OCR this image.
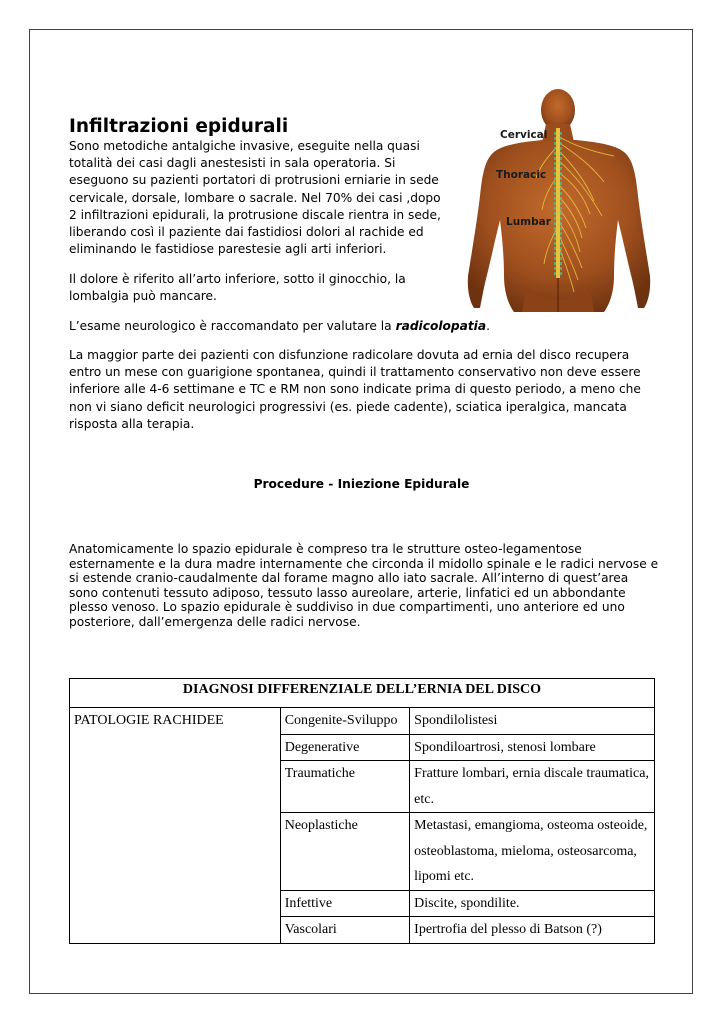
Infiltrazioni epidurali

Sono metodiche antalgiche invasive, eseguite nella quasi totalità dei casi dagli anestesisti in sala operatoria. Si eseguono su pazienti portatori di protrusioni erniarie in sede cervicale, dorsale, lombare o sacrale. Nel 70% dei casi ,dopo 2 infiltrazioni epidurali, la protrusione discale rientra in sede, liberando così il paziente dai fastidiosi dolori al rachide ed eliminando le fastidiose parestesie agli arti inferiori.

Il dolore è riferito all’arto inferiore, sotto il ginocchio, la lombalgia può mancare.

L’esame neurologico è raccomandato per valutare la radicolopatia.

La maggior parte dei pazienti con disfunzione radicolare dovuta ad ernia del disco recupera entro un mese con guarigione spontanea, quindi il trattamento conservativo non deve essere inferiore alle 4-6 settimane e TC e RM non sono indicate prima di questo periodo, a meno che non vi siano deficit neurologici progressivi (es. piede cadente), sciatica iperalgica, mancata risposta alla terapia.

Procedure - Iniezione Epidurale

Anatomicamente lo spazio epidurale è compreso tra le strutture osteo-legamentose esternamente e la dura madre internamente che circonda il midollo spinale e le radici nervose e si estende cranio-caudalmente dal forame magno allo iato sacrale. All’interno di quest’area sono contenuti tessuto adiposo, tessuto lasso aureolare, arterie, linfatici ed un abbondante plesso venoso. Lo spazio epidurale è suddiviso in due compartimenti, uno anteriore ed uno posteriore, dall’emergenza delle radici nervose.

Cervical
Thoracic
Lumbar
DIAGNOSI DIFFERENZIALE DELL’ERNIA DEL DISCO		
PATOLOGIE RACHIDEE	Congenite-Sviluppo	Spondilolistesi
	Degenerative	Spondiloartrosi, stenosi lombare
	Traumatiche	Fratture lombari, ernia discale traumatica, etc.
	Neoplastiche	Metastasi, emangioma, osteoma osteoide, osteoblastoma, mieloma, osteosarcoma, lipomi etc.
	Infettive	Discite, spondilite.
	Vascolari	Ipertrofia del plesso di Batson (?)
